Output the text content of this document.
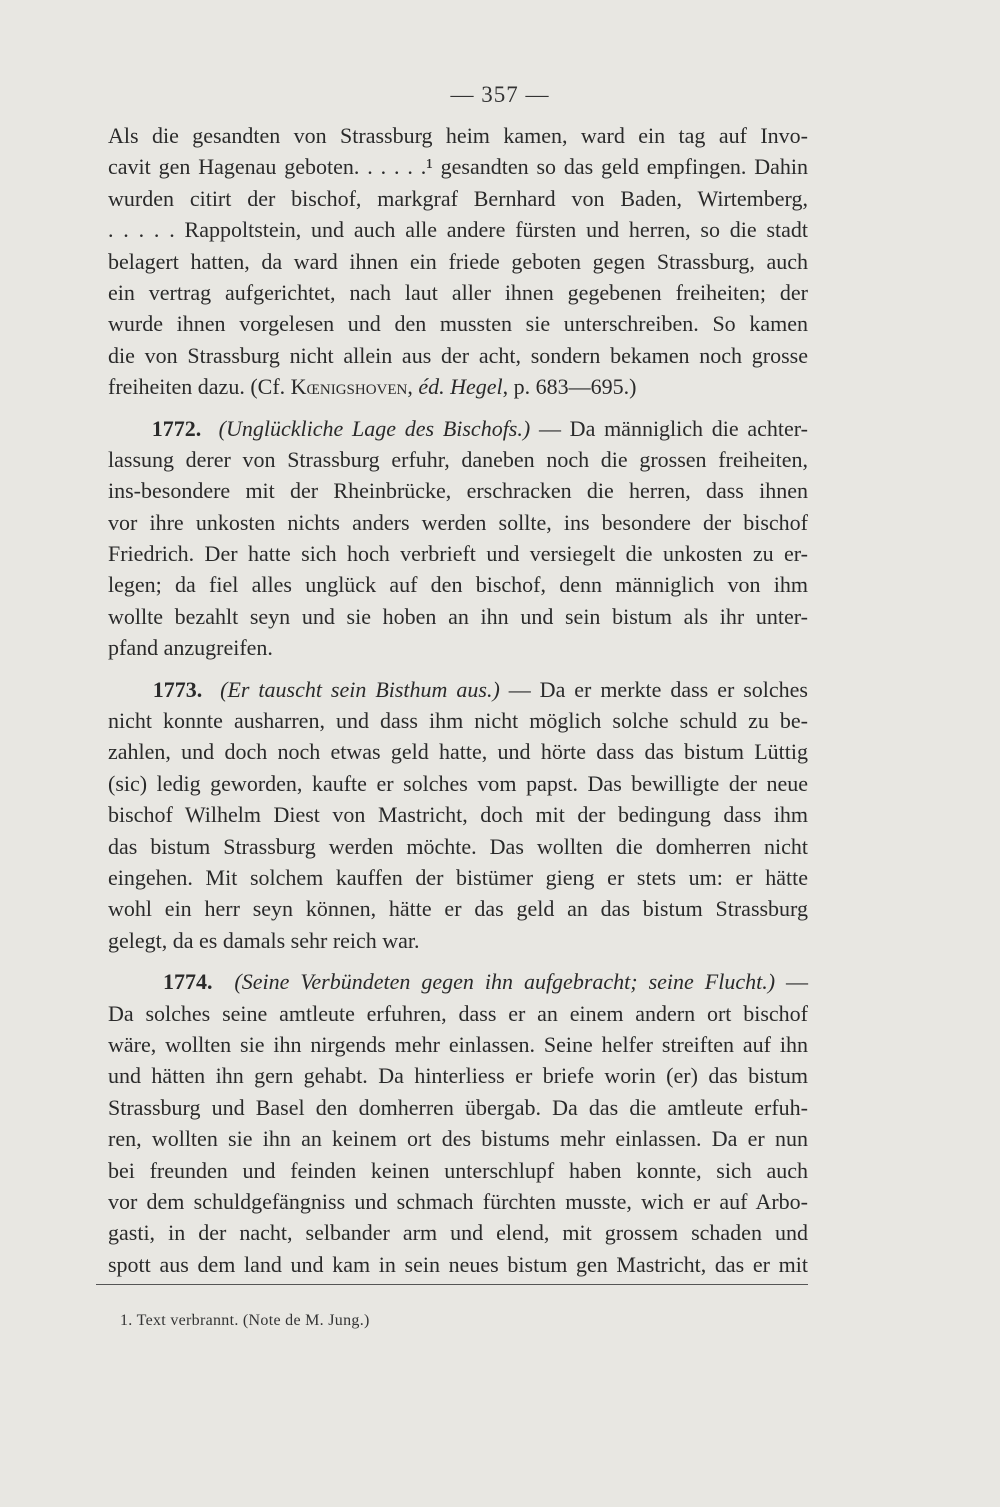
— 357 —
Als die gesandten von Strassburg heim kamen, ward ein tag auf Invo-
cavit gen Hagenau geboten. . . . . .¹ gesandten so das geld empfingen. Dahin
wurden citirt der bischof, markgraf Bernhard von Baden, Wirtemberg,
. . . . . Rappoltstein, und auch alle andere fürsten und herren, so die stadt
belagert hatten, da ward ihnen ein friede geboten gegen Strassburg, auch
ein vertrag aufgerichtet, nach laut aller ihnen gegebenen freiheiten; der
wurde ihnen vorgelesen und den mussten sie unterschreiben. So kamen
die von Strassburg nicht allein aus der acht, sondern bekamen noch grosse
freiheiten dazu. (Cf. Kœnigshoven, éd. Hegel, p. 683—695.)
1772. (Unglückliche Lage des Bischofs.) — Da männiglich die achter-
lassung derer von Strassburg erfuhr, daneben noch die grossen freiheiten,
ins-besondere mit der Rheinbrücke, erschracken die herren, dass ihnen
vor ihre unkosten nichts anders werden sollte, ins besondere der bischof
Friedrich. Der hatte sich hoch verbrieft und versiegelt die unkosten zu er-
legen; da fiel alles unglück auf den bischof, denn männiglich von ihm
wollte bezahlt seyn und sie hoben an ihn und sein bistum als ihr unter-
pfand anzugreifen.
1773. (Er tauscht sein Bisthum aus.) — Da er merkte dass er solches
nicht konnte ausharren, und dass ihm nicht möglich solche schuld zu be-
zahlen, und doch noch etwas geld hatte, und hörte dass das bistum Lüttig
(sic) ledig geworden, kaufte er solches vom papst. Das bewilligte der neue
bischof Wilhelm Diest von Mastricht, doch mit der bedingung dass ihm
das bistum Strassburg werden möchte. Das wollten die domherren nicht
eingehen. Mit solchem kauffen der bistümer gieng er stets um: er hätte
wohl ein herr seyn können, hätte er das geld an das bistum Strassburg
gelegt, da es damals sehr reich war.
1774. (Seine Verbündeten gegen ihn aufgebracht; seine Flucht.) —
Da solches seine amtleute erfuhren, dass er an einem andern ort bischof
wäre, wollten sie ihn nirgends mehr einlassen. Seine helfer streiften auf ihn
und hätten ihn gern gehabt. Da hinterliess er briefe worin (er) das bistum
Strassburg und Basel den domherren übergab. Da das die amtleute erfuh-
ren, wollten sie ihn an keinem ort des bistums mehr einlassen. Da er nun
bei freunden und feinden keinen unterschlupf haben konnte, sich auch
vor dem schuldgefängniss und schmach fürchten musste, wich er auf Arbo-
gasti, in der nacht, selbander arm und elend, mit grossem schaden und
spott aus dem land und kam in sein neues bistum gen Mastricht, das er mit
1. Text verbrannt. (Note de M. Jung.)
